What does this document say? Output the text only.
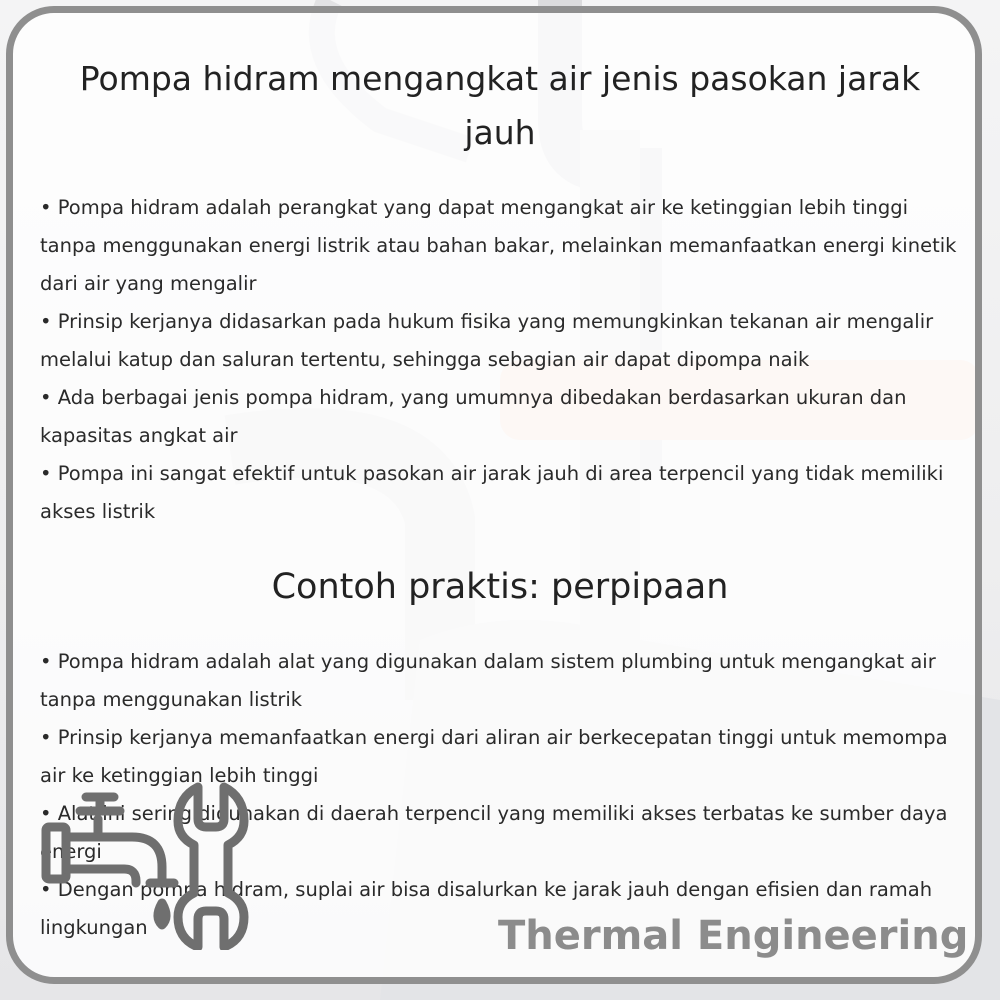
Pompa hidram mengangkat air jenis pasokan jarak jauh
• Pompa hidram adalah perangkat yang dapat mengangkat air ke ketinggian lebih tinggi tanpa menggunakan energi listrik atau bahan bakar, melainkan memanfaatkan energi kinetik dari air yang mengalir
• Prinsip kerjanya didasarkan pada hukum fisika yang memungkinkan tekanan air mengalir melalui katup dan saluran tertentu, sehingga sebagian air dapat dipompa naik
• Ada berbagai jenis pompa hidram, yang umumnya dibedakan berdasarkan ukuran dan kapasitas angkat air
• Pompa ini sangat efektif untuk pasokan air jarak jauh di area terpencil yang tidak memiliki akses listrik
Contoh praktis: perpipaan
• Pompa hidram adalah alat yang digunakan dalam sistem plumbing untuk mengangkat air tanpa menggunakan listrik
• Prinsip kerjanya memanfaatkan energi dari aliran air berkecepatan tinggi untuk memompa air ke ketinggian lebih tinggi
• Alat ini sering digunakan di daerah terpencil yang memiliki akses terbatas ke sumber daya energi
• Dengan pompa hidram, suplai air bisa disalurkan ke jarak jauh dengan efisien dan ramah lingkungan	Thermal Engineering
